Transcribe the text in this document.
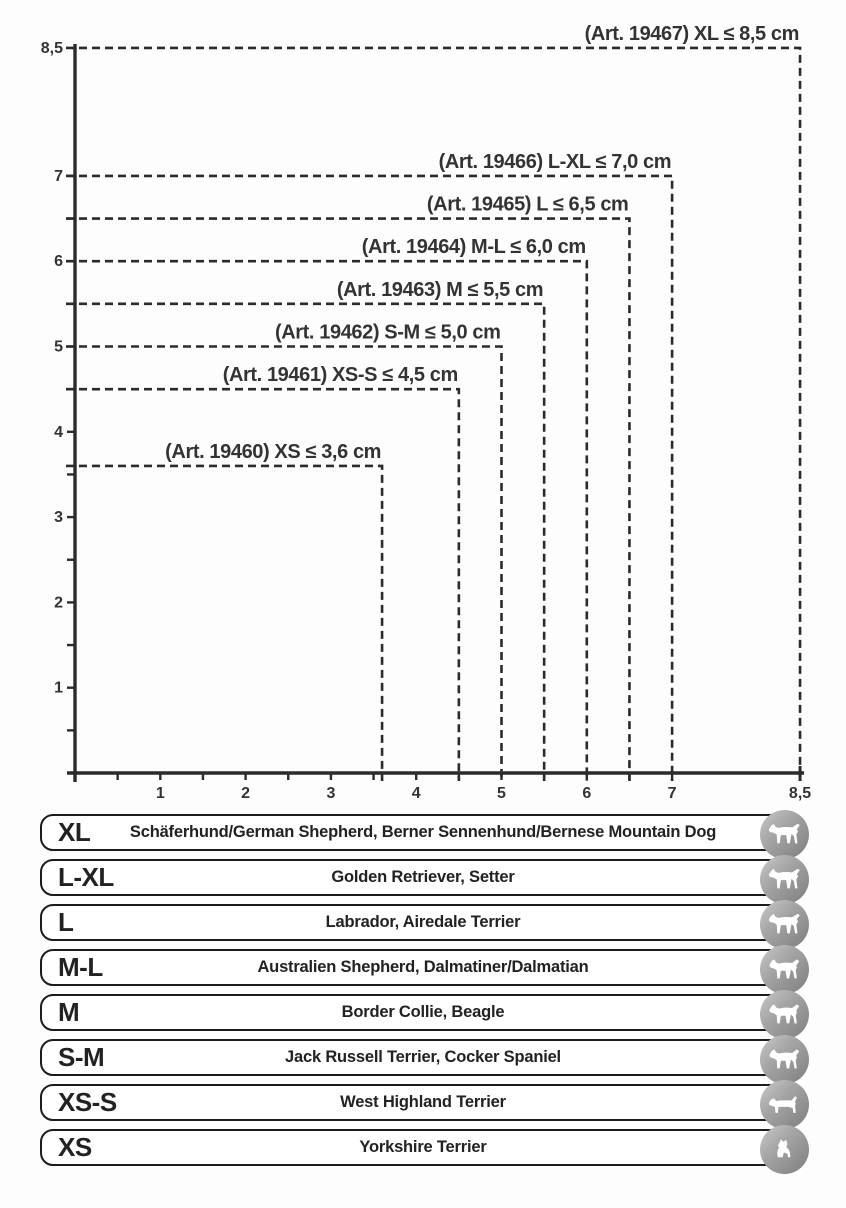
(Art. 19467) XL ≤ 8,5 cm
(Art. 19466) L-XL ≤ 7,0 cm
(Art. 19465) L ≤ 6,5 cm
(Art. 19464) M-L ≤ 6,0 cm
(Art. 19463) M ≤ 5,5 cm
(Art. 19462) S-M ≤ 5,0 cm
(Art. 19461) XS-S ≤ 4,5 cm
(Art. 19460) XS ≤ 3,6 cm
1	2	3	4	5	6	7	8,5
8,5
7
6
5
4
3
2
1
XL	Schäferhund/German Shepherd, Berner Sennenhund/Bernese Mountain Dog
L-XL	Golden Retriever, Setter
L	Labrador, Airedale Terrier
M-L	Australien Shepherd, Dalmatiner/Dalmatian
M	Border Collie, Beagle
S-M	Jack Russell Terrier, Cocker Spaniel
XS-S	West Highland Terrier
XS	Yorkshire Terrier
